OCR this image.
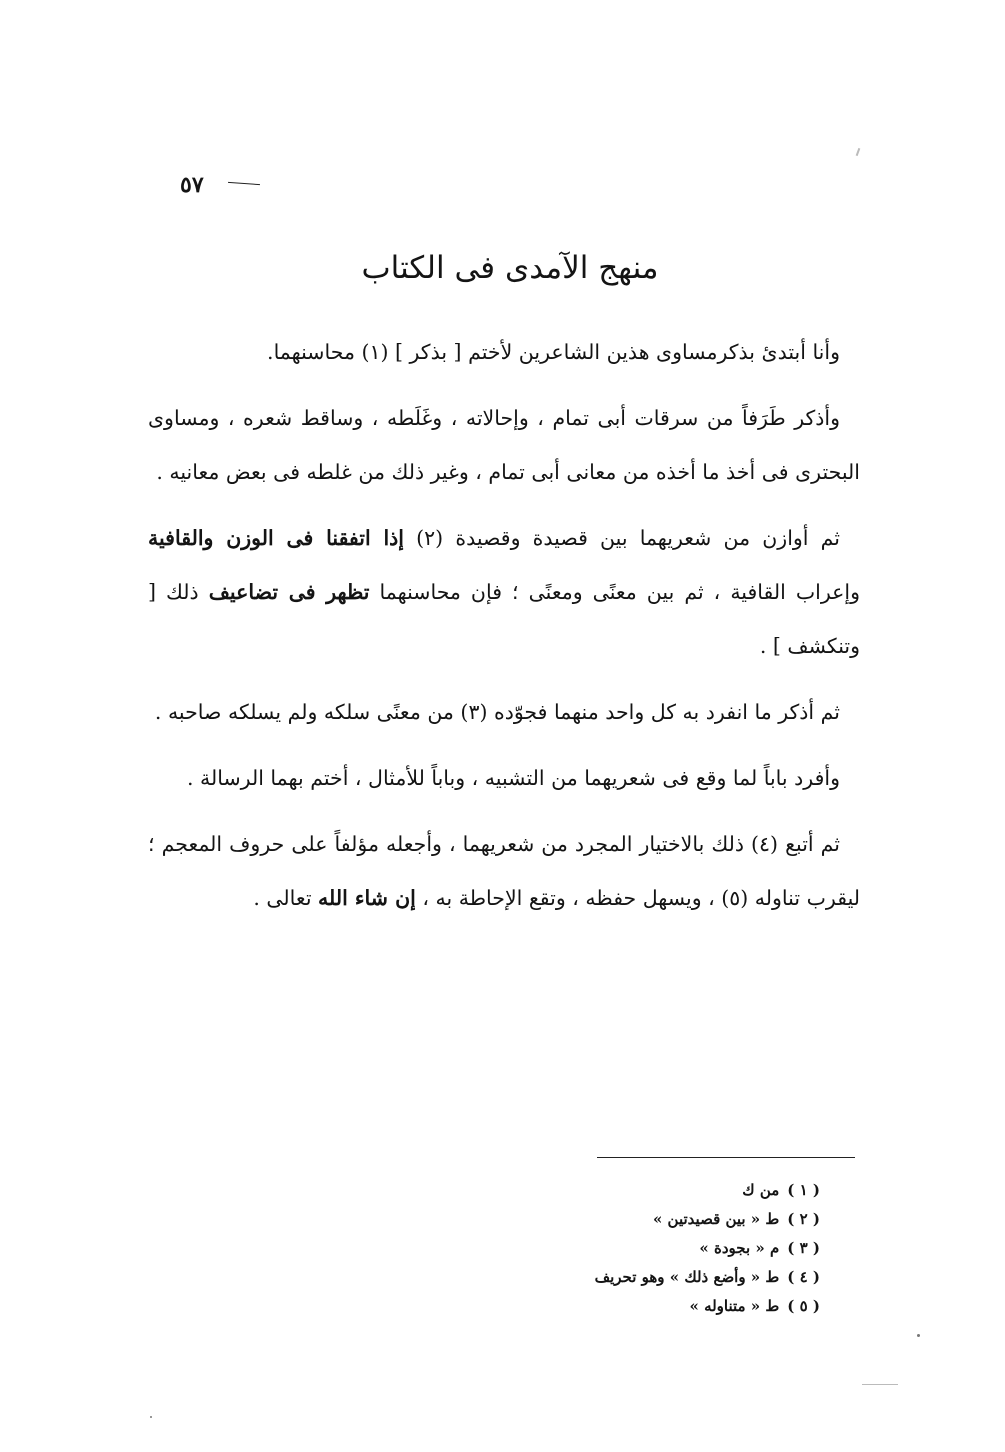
٥٧
منهج الآمدى فى الكتاب

وأنا أبتدئ بذكرمساوى هذين الشاعرين لأختم [ بذكر ] (١) محاسنهما.

وأذكر طَرَفاً من سرقات أبى تمام ، وإحالاته ، وغَلَطه ، وساقط شعره ، ومساوى البحترى فى أخذ ما أخذه من معانى أبى تمام ، وغير ذلك من غلطه فى بعض معانيه .

ثم أوازن من شعريهما بين قصيدة وقصيدة (٢) إذا اتفقنا فى الوزن والقافية وإعراب القافية ، ثم بين معنًى ومعنًى ؛ فإن محاسنهما تظهر فى تضاعيف ذلك [ وتنكشف ] .

ثم أذكر ما انفرد به كل واحد منهما فجوّده (٣) من معنًى سلكه ولم يسلكه صاحبه .

وأفرد باباً لما وقع فى شعريهما من التشبيه ، وباباً للأمثال ، أختم بهما الرسالة .

ثم أتبع (٤) ذلك بالاختيار المجرد من شعريهما ، وأجعله مؤلفاً على حروف المعجم ؛ ليقرب تناوله (٥) ، ويسهل حفظه ، وتقع الإحاطة به ، إن شاء الله تعالى .

( ١ )من ك
( ٢ )ط « بين قصيدتين »
( ٣ )م « بجودة »
( ٤ )ط « وأضع ذلك » وهو تحريف
( ٥ )ط « متناوله »
